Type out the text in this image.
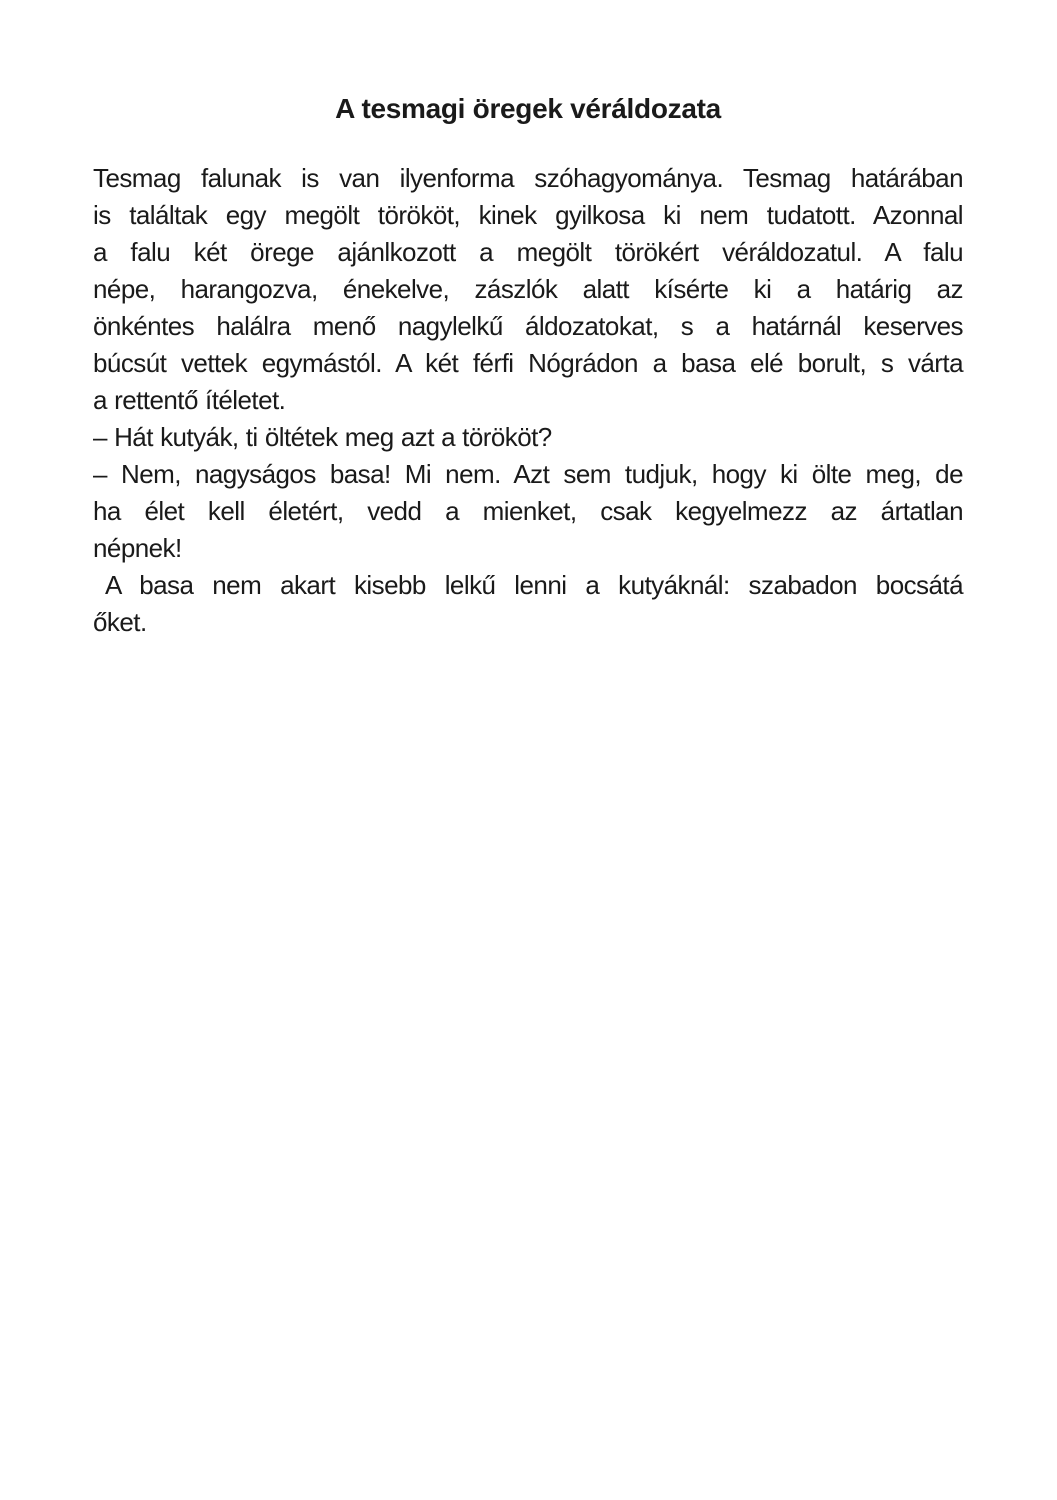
A tesmagi öregek véráldozata
Tesmag falunak is van ilyenforma szóhagyománya. Tesmag határában
is találtak egy megölt törököt, kinek gyilkosa ki nem tudatott. Azonnal
a falu két örege ajánlkozott a megölt törökért véráldozatul. A falu
népe, harangozva, énekelve, zászlók alatt kísérte ki a határig az
önkéntes halálra menő nagylelkű áldozatokat, s a határnál keserves
búcsút vettek egymástól. A két férfi Nógrádon a basa elé borult, s várta
a rettentő ítéletet.
– Hát kutyák, ti öltétek meg azt a törököt?
– Nem, nagyságos basa! Mi nem. Azt sem tudjuk, hogy ki ölte meg, de
ha élet kell életért, vedd a mienket, csak kegyelmezz az ártatlan
népnek!
A basa nem akart kisebb lelkű lenni a kutyáknál: szabadon bocsátá
őket.
